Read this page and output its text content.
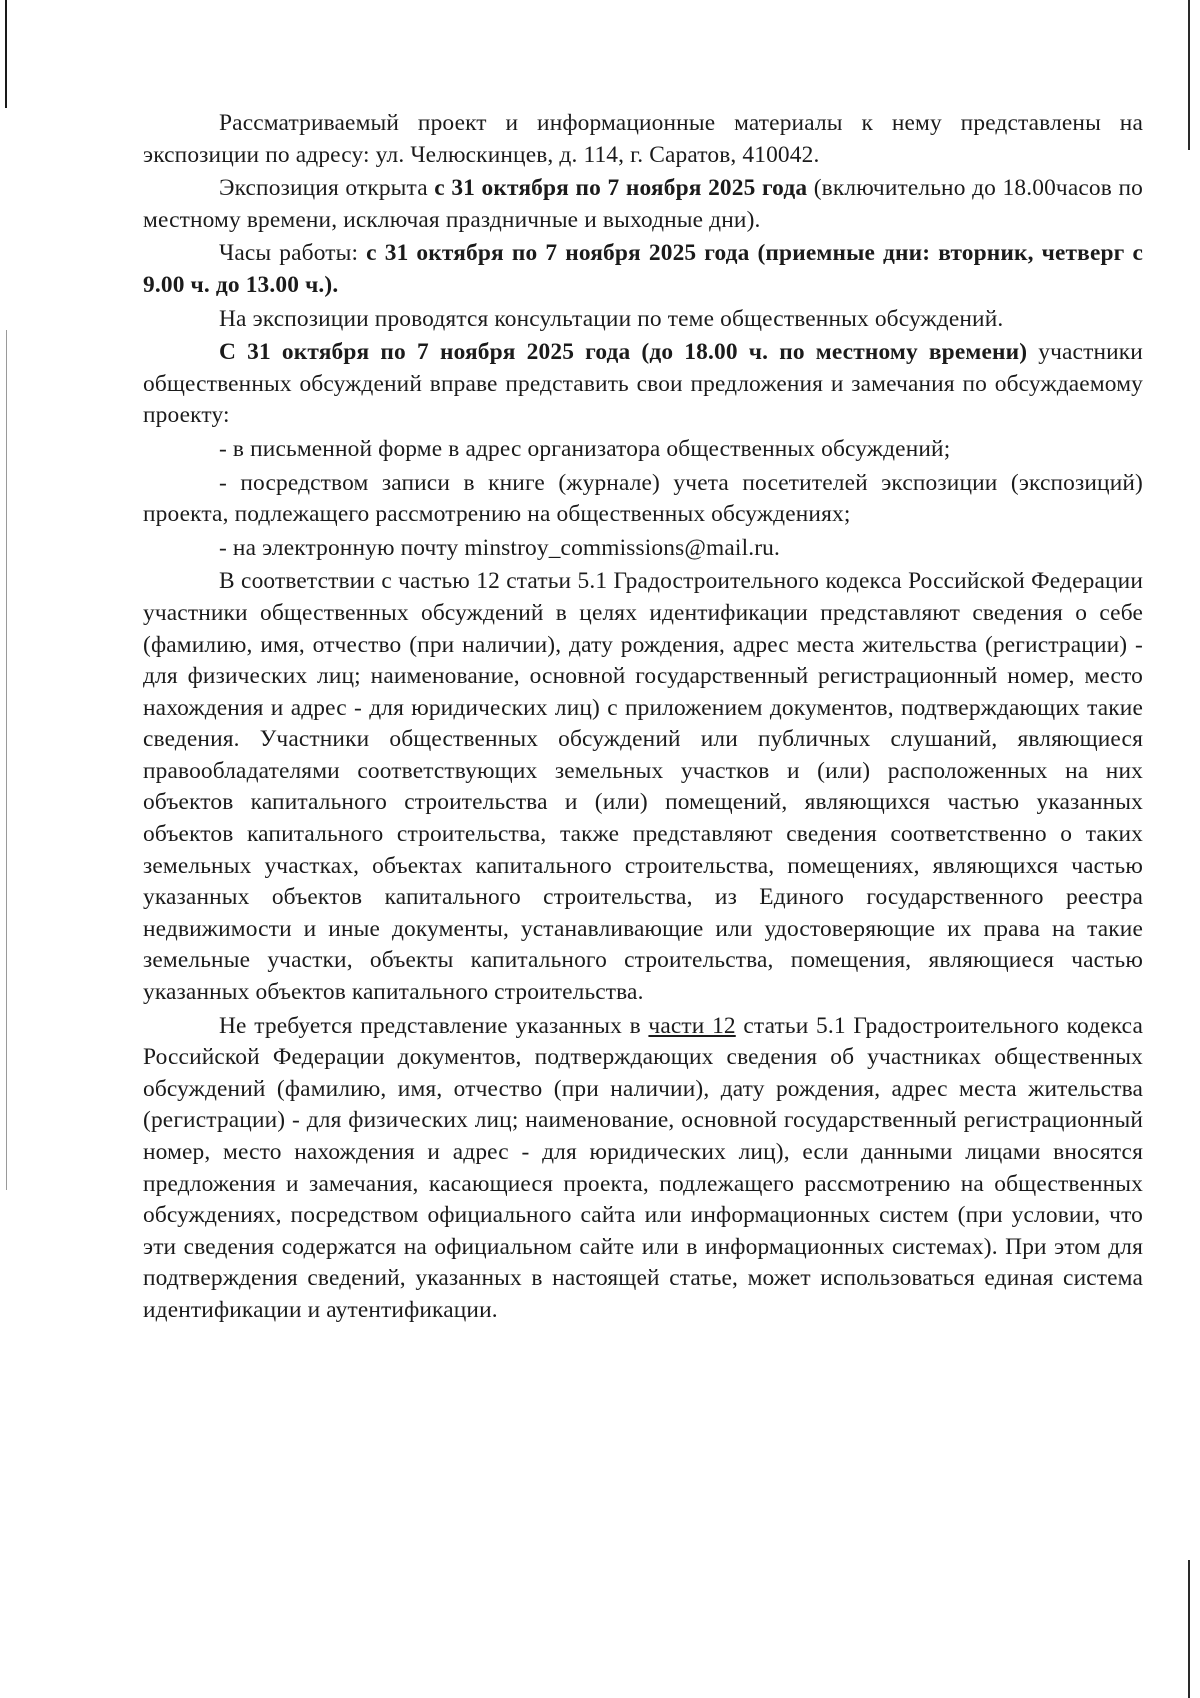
Рассматриваемый проект и информационные материалы к нему представлены на экспозиции по адресу: ул. Челюскинцев, д. 114, г. Саратов, 410042.

Экспозиция открыта с 31 октября по 7 ноября 2025 года (включительно до 18.00часов по местному времени, исключая праздничные и выходные дни).

Часы работы: с 31 октября по 7 ноября 2025 года (приемные дни: вторник, четверг с 9.00 ч. до 13.00 ч.).

На экспозиции проводятся консультации по теме общественных обсуждений.

С 31 октября по 7 ноября 2025 года (до 18.00 ч. по местному времени) участники общественных обсуждений вправе представить свои предложения и замечания по обсуждаемому проекту:

- в письменной форме в адрес организатора общественных обсуждений;

- посредством записи в книге (журнале) учета посетителей экспозиции (экспозиций) проекта, подлежащего рассмотрению на общественных обсуждениях;

- на электронную почту minstroy_commissions@mail.ru.

В соответствии с частью 12 статьи 5.1 Градостроительного кодекса Российской Федерации участники общественных обсуждений в целях идентификации представляют сведения о себе (фамилию, имя, отчество (при наличии), дату рождения, адрес места жительства (регистрации) - для физических лиц; наименование, основной государственный регистрационный номер, место нахождения и адрес - для юридических лиц) с приложением документов, подтверждающих такие сведения. Участники общественных обсуждений или публичных слушаний, являющиеся правообладателями соответствующих земельных участков и (или) расположенных на них объектов капитального строительства и (или) помещений, являющихся частью указанных объектов капитального строительства, также представляют сведения соответственно о таких земельных участках, объектах капитального строительства, помещениях, являющихся частью указанных объектов капитального строительства, из Единого государственного реестра недвижимости и иные документы, устанавливающие или удостоверяющие их права на такие земельные участки, объекты капитального строительства, помещения, являющиеся частью указанных объектов капитального строительства.

Не требуется представление указанных в части 12 статьи 5.1 Градостроительного кодекса Российской Федерации документов, подтверждающих сведения об участниках общественных обсуждений (фамилию, имя, отчество (при наличии), дату рождения, адрес места жительства (регистрации) - для физических лиц; наименование, основной государственный регистрационный номер, место нахождения и адрес - для юридических лиц), если данными лицами вносятся предложения и замечания, касающиеся проекта, подлежащего рассмотрению на общественных обсуждениях, посредством официального сайта или информационных систем (при условии, что эти сведения содержатся на официальном сайте или в информационных системах). При этом для подтверждения сведений, указанных в настоящей статье, может использоваться единая система идентификации и аутентификации.
